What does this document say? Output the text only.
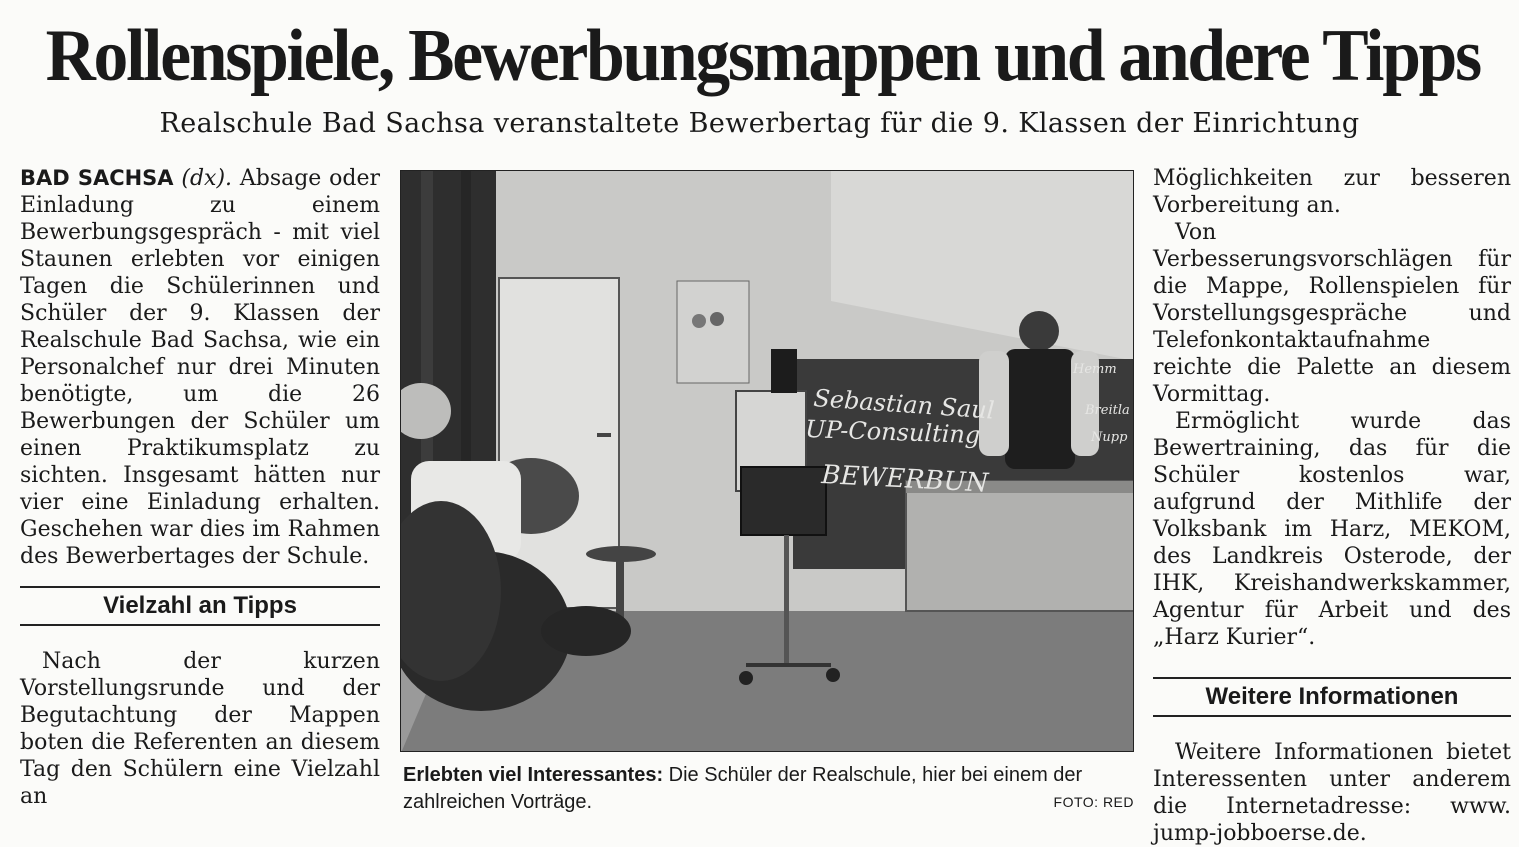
Rollenspiele, Bewerbungsmappen und andere Tipps
Realschule Bad Sachsa veranstaltete Bewerbertag für die 9. Klassen der Einrichtung

BAD SACHSA (dx). Absage oder Einladung zu einem Bewerbungsgespräch - mit viel Staunen erlebten vor einigen Tagen die Schülerinnen und Schüler der 9. Klassen der Realschule Bad Sachsa, wie ein Personalchef nur drei Minuten benötigte, um die 26 Bewerbungen der Schüler um einen Praktikumsplatz zu sichten. Insgesamt hätten nur vier eine Einladung erhalten. Geschehen war dies im Rahmen des Bewerbertages der Schule.

Vielzahl an Tipps

Nach der kurzen Vorstellungsrunde und der Begutachtung der Mappen boten die Referenten an diesem Tag den Schülern eine Vielzahl an

Sebastian Saul
UP-Consulting
BEWERBUN
Hemm
Breitla
Nupp
Erlebten viel Interessantes: Die Schüler der Realschule, hier bei einem der zahlreichen Vorträge.	FOTO: RED

Möglichkeiten zur besseren Vorbereitung an.

Von Verbesserungsvorschlägen für die Mappe, Rollenspielen für Vorstellungsgespräche und Telefonkontaktaufnahme reichte die Palette an diesem Vormittag.

Ermöglicht wurde das Bewertraining, das für die Schüler kostenlos war, aufgrund der Mithlife der Volksbank im Harz, MEKOM, des Landkreis Osterode, der IHK, Kreishandwerkskammer, Agentur für Arbeit und des „Harz Kurier“.

Weitere Informationen

Weitere Informationen bietet Interessenten unter anderem die Internetadresse: www. jump-jobboerse.de.
